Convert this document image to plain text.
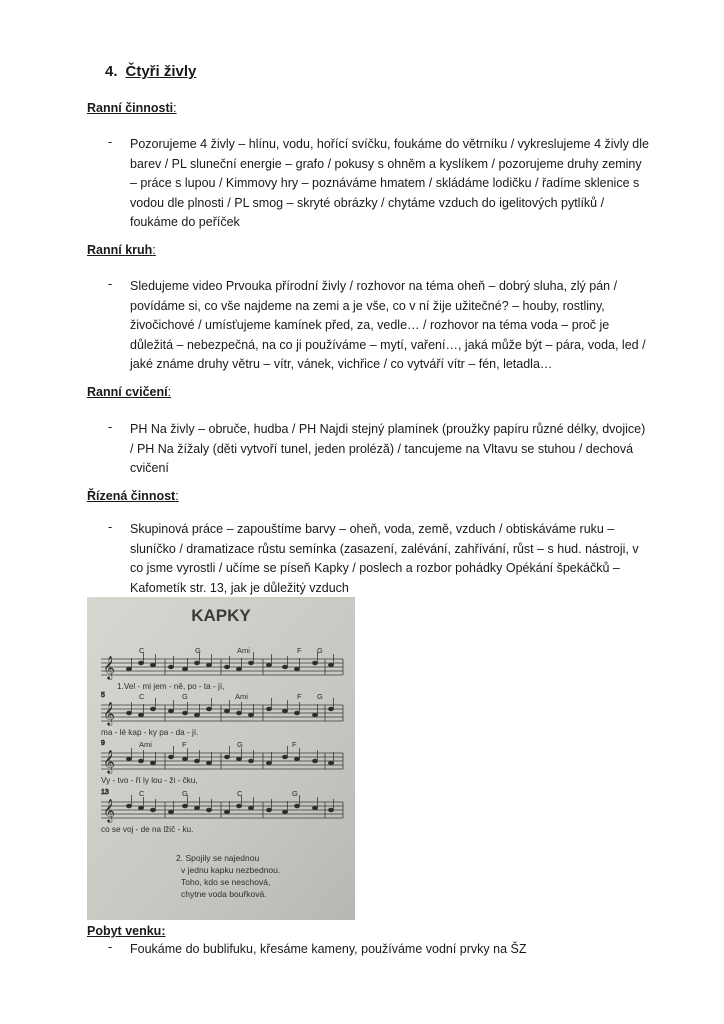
4. Čtyři živly
Ranní činnosti:
- Pozorujeme 4 živly – hlínu, vodu, hořící svíčku, foukáme do větrníku / vykreslujeme 4 živly dle barev / PL sluneční energie – grafo / pokusy s ohněm a kyslíkem / pozorujeme druhy zeminy – práce s lupou / Kimmovy hry – poznáváme hmatem / skládáme lodičku / řadíme sklenice s vodou dle plnosti / PL smog – skryté obrázky / chytáme vzduch do igelitových pytlíků / foukáme do peříček
Ranní kruh:
- Sledujeme video Prvouka přírodní živly / rozhovor na téma oheň – dobrý sluha, zlý pán / povídáme si, co vše najdeme na zemi a je vše, co v ní žije užitečné? – houby, rostliny, živočichové / umísťujeme kamínek před, za, vedle… / rozhovor na téma voda – proč je důležitá – nebezpečná, na co ji používáme – mytí, vaření…, jaká může být – pára, voda, led / jaké známe druhy větru – vítr, vánek, vichřice / co vytváří vítr – fén, letadla…
Ranní cvičení:
- PH Na živly – obruče, hudba / PH Najdi stejný plamínek (proužky papíru různé délky, dvojice) / PH Na žížaly (děti vytvoří tunel, jeden proléză) / tancujeme na Vltavu se stuhou / dechová cvičení
Řízená činnost:
- Skupinová práce – zapouštíme barvy – oheň, voda, země, vzduch / obtiskáváme ruku – sluníčko / dramatizace růstu semínka (zasazení, zalévání, zahřívání, růst – s hud. nástroji, v co jsme vyrostli / učíme se píseň Kapky / poslech a rozbor pohádky Opékání špekáčků – Kafometík str. 13, jak je důležitý vzduch
KAPKY
C	G	Ami	F G
𝄞
1.Vel - mi jem - ně, po - ta - jí,
5	C	G	Ami	F G
𝄞
ma - lé kap - ky pa - da - jí.
9	Ami	F	G	F
𝄞
Vy - tvo - ří ly lou - ži - čku,
13	C	G	C	G
𝄞
co se voj - de na lžič - ku.
2. Spojily se najednou
v jednu kapku nezbednou.
Toho, kdo se neschová,
chytne voda bouřková.
Pobyt venku:
- Foukáme do bublifuku, křesáme kameny, používáme vodní prvky na ŠZ
